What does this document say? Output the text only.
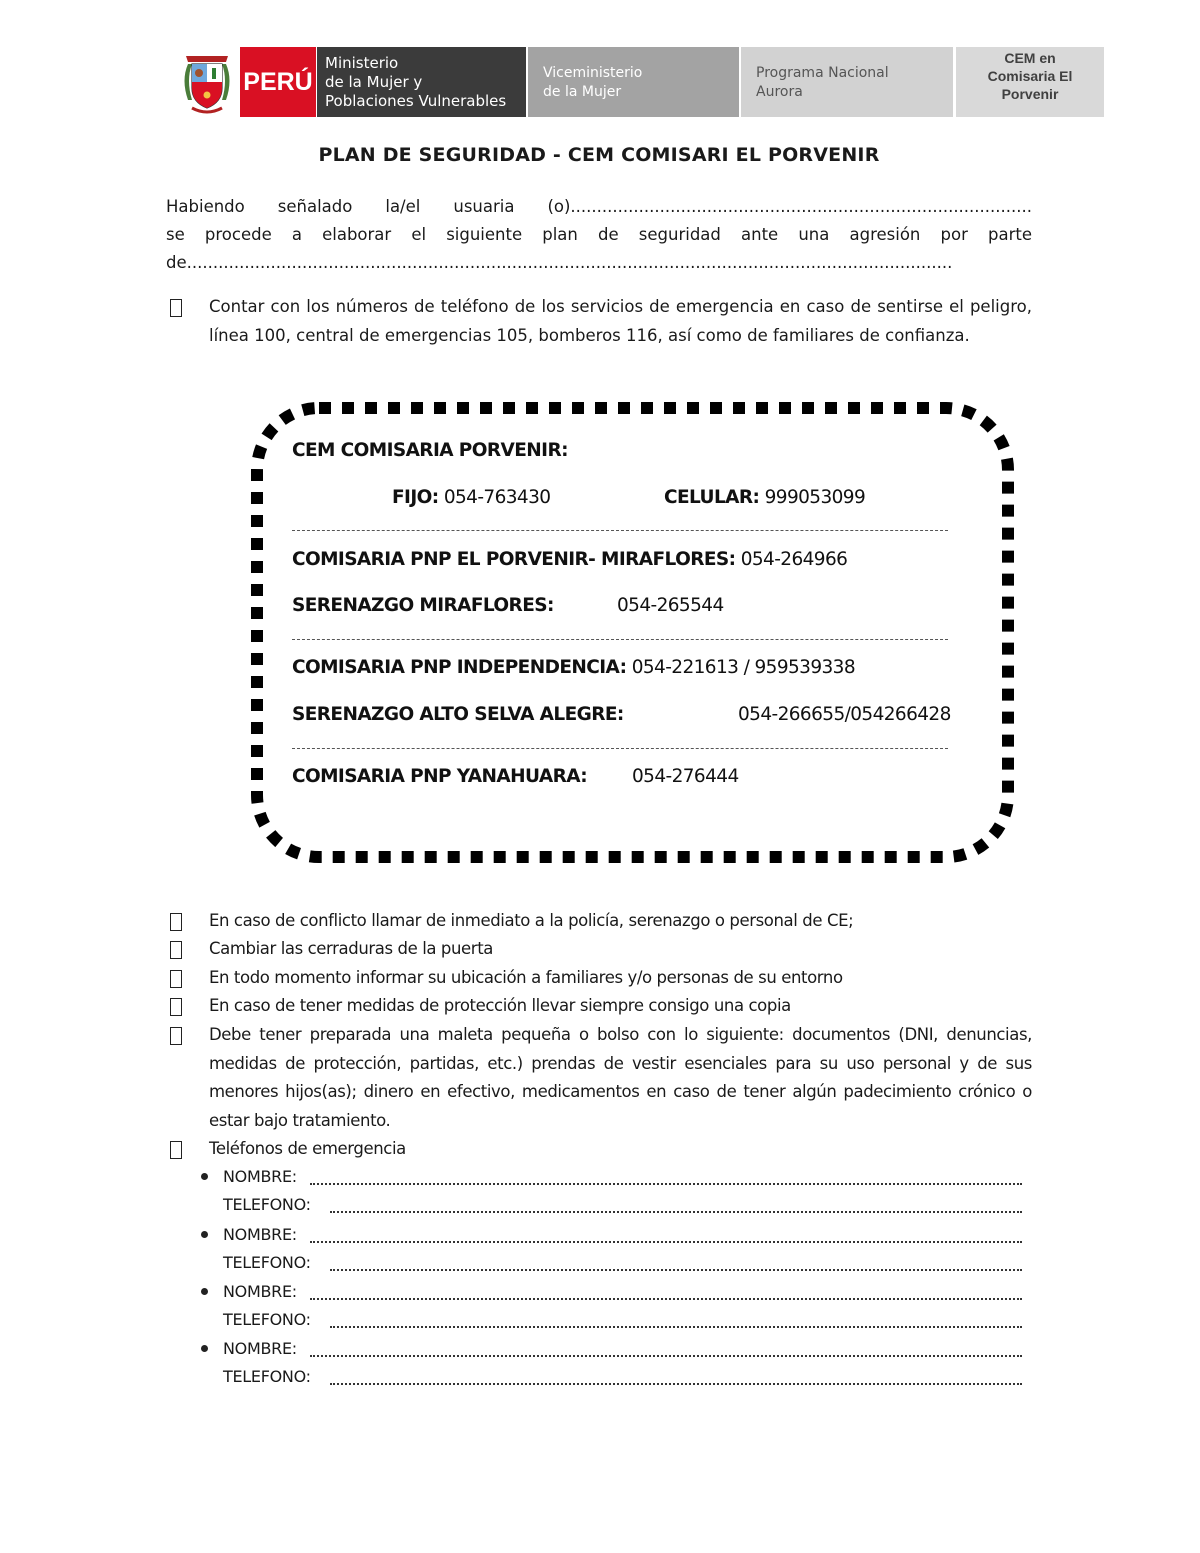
PERÚ
Ministerio
de la Mujer y
Poblaciones Vulnerables
Viceministerio
de la Mujer
Programa Nacional
Aurora
CEM en
Comisaria El
Porvenir
PLAN DE SEGURIDAD - CEM COMISARI EL PORVENIR
Habiendo señalado la/el usuaria (o)........................................................................................
se procede a elaborar el siguiente plan de seguridad ante una agresión por parte
de..................................................................................................................................................
Contar con los números de teléfono de los servicios de emergencia en caso de sentirse el peligro, línea 100, central de emergencias 105, bomberos 116, así como de familiares de confianza.
CEM COMISARIA PORVENIR:
FIJO: 054-763430	CELULAR: 999053099
COMISARIA PNP EL PORVENIR- MIRAFLORES: 054-264966
SERENAZGO MIRAFLORES:	054-265544
COMISARIA PNP INDEPENDENCIA: 054-221613 / 959539338
SERENAZGO ALTO SELVA ALEGRE:	054-266655/054266428
COMISARIA PNP YANAHUARA: 054-276444
En caso de conflicto llamar de inmediato a la policía, serenazgo o personal de CE;
Cambiar las cerraduras de la puerta
En todo momento informar su ubicación a familiares y/o personas de su entorno
En caso de tener medidas de protección llevar siempre consigo una copia
Debe tener preparada una maleta pequeña o bolso con lo siguiente: documentos (DNI, denuncias, medidas de protección, partidas, etc.) prendas de vestir esenciales para su uso personal y de sus menores hijos(as); dinero en efectivo, medicamentos en caso de tener algún padecimiento crónico o estar bajo tratamiento.
Teléfonos de emergencia
NOMBRE:
TELEFONO:
NOMBRE:
TELEFONO:
NOMBRE:
TELEFONO:
NOMBRE:
TELEFONO:
